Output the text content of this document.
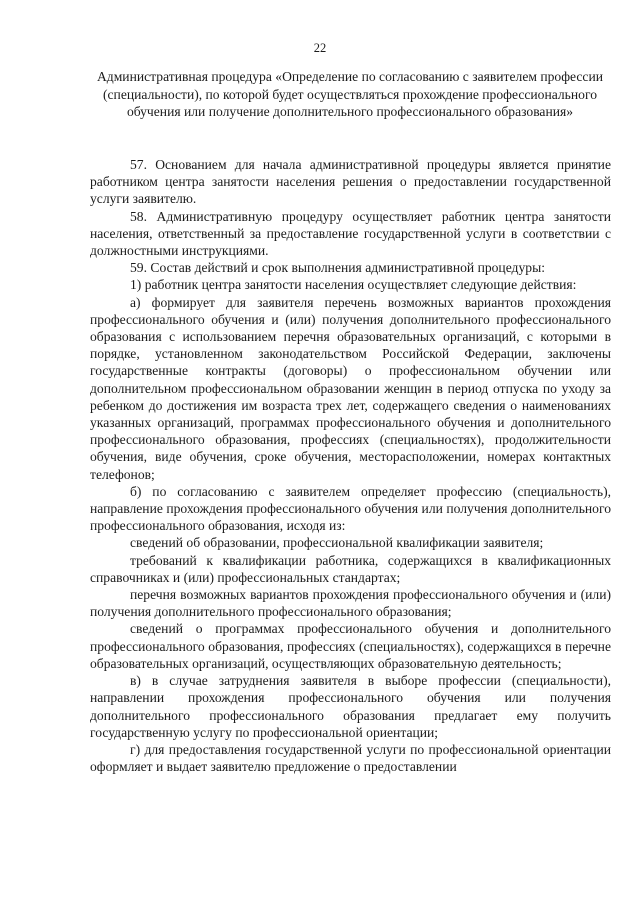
22
Административная процедура «Определение по согласованию с заявителем профессии (специальности), по которой будет осуществляться прохождение профессионального обучения или получение дополнительного профессионального образования»

57. Основанием для начала административной процедуры является принятие работником центра занятости населения решения о предоставлении государственной услуги заявителю.

58. Административную процедуру осуществляет работник центра занятости населения, ответственный за предоставление государственной услуги в соответствии с должностными инструкциями.

59. Состав действий и срок выполнения административной процедуры:

1) работник центра занятости населения осуществляет следующие действия:

а) формирует для заявителя перечень возможных вариантов прохождения профессионального обучения и (или) получения дополнительного профессионального образования с использованием перечня образовательных организаций, с которыми в порядке, установленном законодательством Российской Федерации, заключены государственные контракты (договоры) о профессиональном обучении или дополнительном профессиональном образовании женщин в период отпуска по уходу за ребенком до достижения им возраста трех лет, содержащего сведения о наименованиях указанных организаций, программах профессионального обучения и дополнительного профессионального образования, профессиях (специальностях), продолжительности обучения, виде обучения, сроке обучения, месторасположении, номерах контактных телефонов;

б) по согласованию с заявителем определяет профессию (специальность), направление прохождения профессионального обучения или получения дополнительного профессионального образования, исходя из:

сведений об образовании, профессиональной квалификации заявителя;

требований к квалификации работника, содержащихся в квалификационных справочниках и (или) профессиональных стандартах;

перечня возможных вариантов прохождения профессионального обучения и (или) получения дополнительного профессионального образования;

сведений о программах профессионального обучения и дополнительного профессионального образования, профессиях (специальностях), содержащихся в перечне образовательных организаций, осуществляющих образовательную деятельность;

в) в случае затруднения заявителя в выборе профессии (специальности), направлении прохождения профессионального обучения или получения дополнительного профессионального образования предлагает ему получить государственную услугу по профессиональной ориентации;

г) для предоставления государственной услуги по профессиональной ориентации оформляет и выдает заявителю предложение о предоставлении
